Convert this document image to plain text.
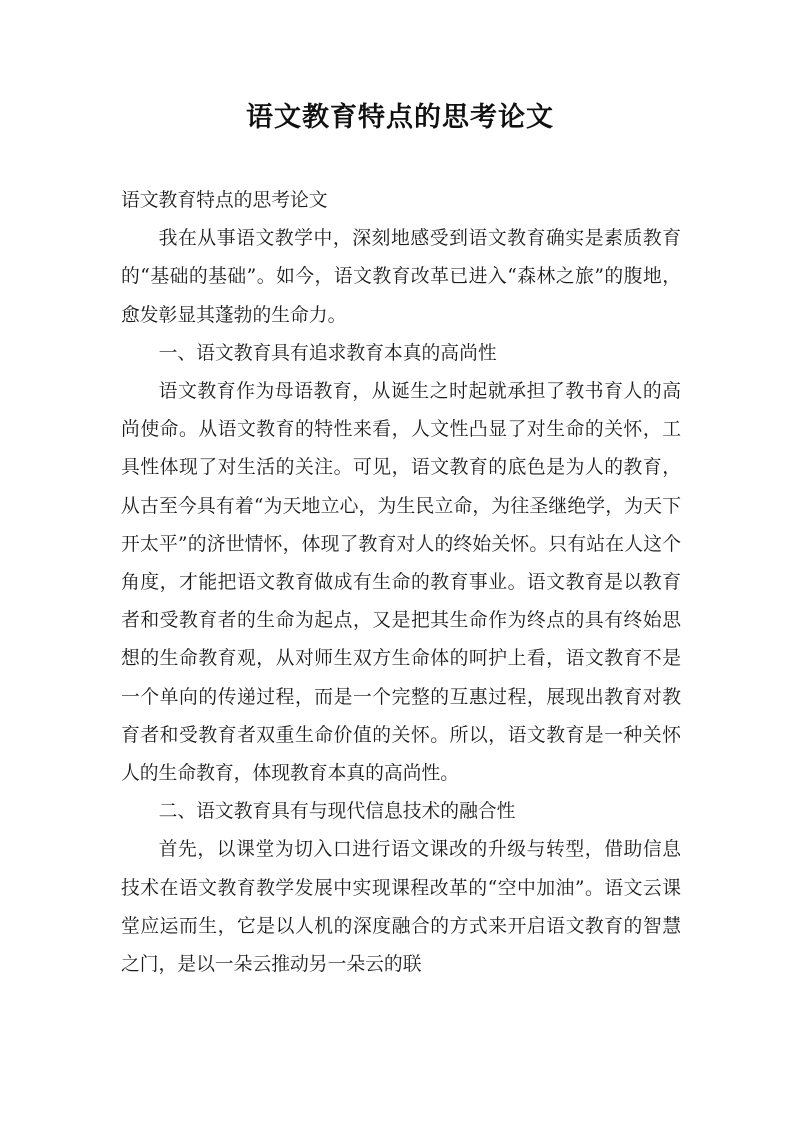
语文教育特点的思考论文

语文教育特点的思考论文

我在从事语文教学中，深刻地感受到语文教育确实是素质教育的“基础的基础”。如今，语文教育改革已进入“森林之旅”的腹地，愈发彰显其蓬勃的生命力。

一、语文教育具有追求教育本真的高尚性

语文教育作为母语教育，从诞生之时起就承担了教书育人的高尚使命。从语文教育的特性来看，人文性凸显了对生命的关怀，工具性体现了对生活的关注。可见，语文教育的底色是为人的教育，从古至今具有着“为天地立心，为生民立命，为往圣继绝学，为天下开太平”的济世情怀，体现了教育对人的终始关怀。只有站在人这个角度，才能把语文教育做成有生命的教育事业。语文教育是以教育者和受教育者的生命为起点，又是把其生命作为终点的具有终始思想的生命教育观，从对师生双方生命体的呵护上看，语文教育不是一个单向的传递过程，而是一个完整的互惠过程，展现出教育对教育者和受教育者双重生命价值的关怀。所以，语文教育是一种关怀人的生命教育，体现教育本真的高尚性。

二、语文教育具有与现代信息技术的融合性

首先，以课堂为切入口进行语文课改的升级与转型，借助信息技术在语文教育教学发展中实现课程改革的“空中加油”。语文云课堂应运而生，它是以人机的深度融合的方式来开启语文教育的智慧之门，是以一朵云推动另一朵云的联
